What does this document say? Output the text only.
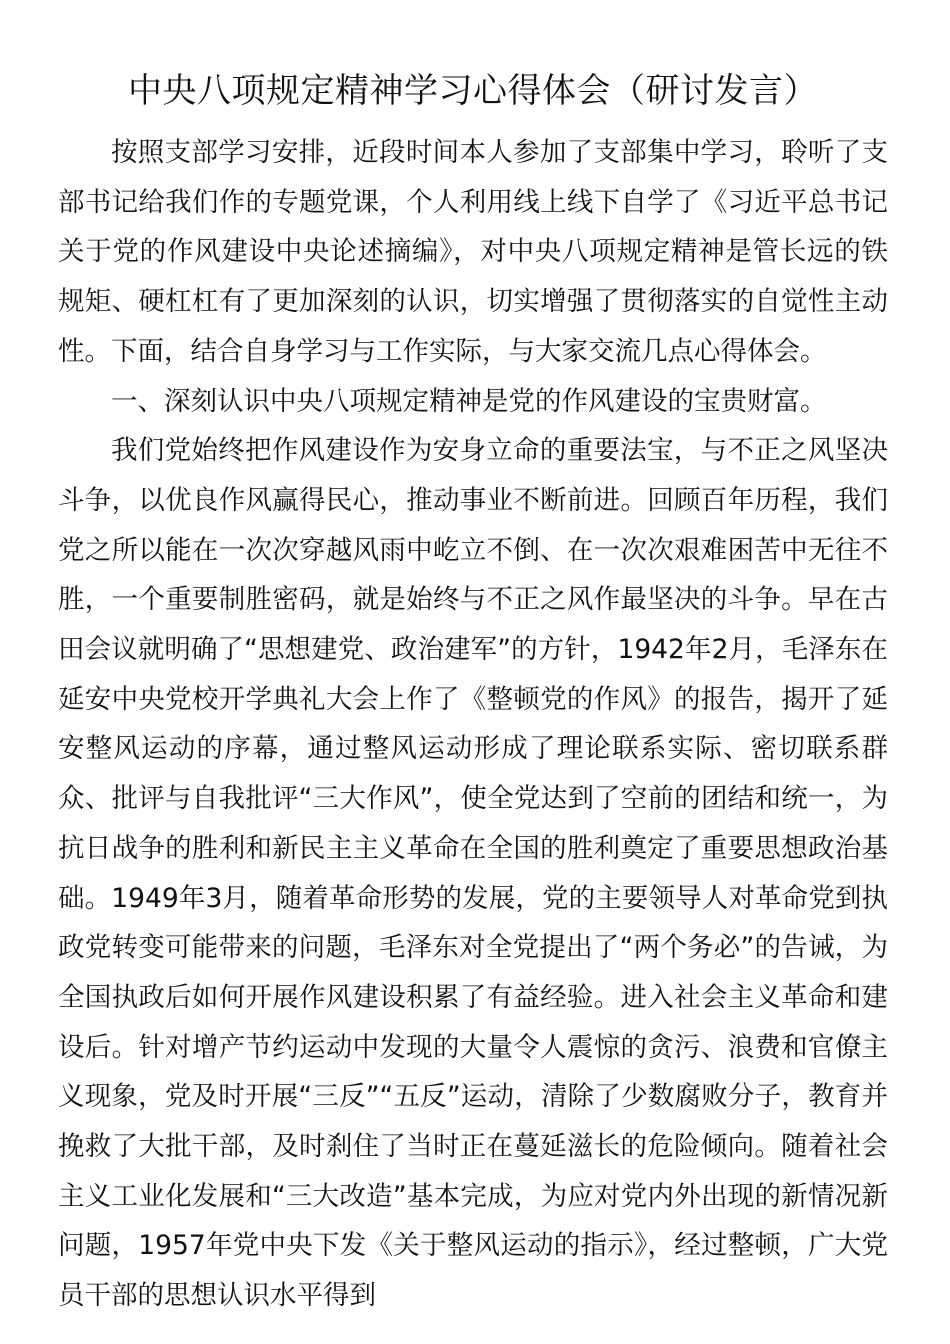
中央八项规定精神学习心得体会（研讨发言）

按照支部学习安排，近段时间本人参加了支部集中学习，聆听了支部书记给我们作的专题党课，个人利用线上线下自学了《习近平总书记关于党的作风建设中央论述摘编》，对中央八项规定精神是管长远的铁规矩、硬杠杠有了更加深刻的认识，切实增强了贯彻落实的自觉性主动性。下面，结合自身学习与工作实际，与大家交流几点心得体会。

一、深刻认识中央八项规定精神是党的作风建设的宝贵财富。

我们党始终把作风建设作为安身立命的重要法宝，与不正之风坚决斗争，以优良作风赢得民心，推动事业不断前进。回顾百年历程，我们党之所以能在一次次穿越风雨中屹立不倒、在一次次艰难困苦中无往不胜，一个重要制胜密码，就是始终与不正之风作最坚决的斗争。早在古田会议就明确了“思想建党、政治建军”的方针，1942年2月，毛泽东在延安中央党校开学典礼大会上作了《整顿党的作风》的报告，揭开了延安整风运动的序幕，通过整风运动形成了理论联系实际、密切联系群众、批评与自我批评“三大作风”，使全党达到了空前的团结和统一，为抗日战争的胜利和新民主主义革命在全国的胜利奠定了重要思想政治基础。1949年3月，随着革命形势的发展，党的主要领导人对革命党到执政党转变可能带来的问题，毛泽东对全党提出了“两个务必”的告诫，为全国执政后如何开展作风建设积累了有益经验。进入社会主义革命和建设后。针对增产节约运动中发现的大量令人震惊的贪污、浪费和官僚主义现象，党及时开展“三反”“五反”运动，清除了少数腐败分子，教育并挽救了大批干部，及时刹住了当时正在蔓延滋长的危险倾向。随着社会主义工业化发展和“三大改造”基本完成，为应对党内外出现的新情况新问题，1957年党中央下发《关于整风运动的指示》，经过整顿，广大党员干部的思想认识水平得到
